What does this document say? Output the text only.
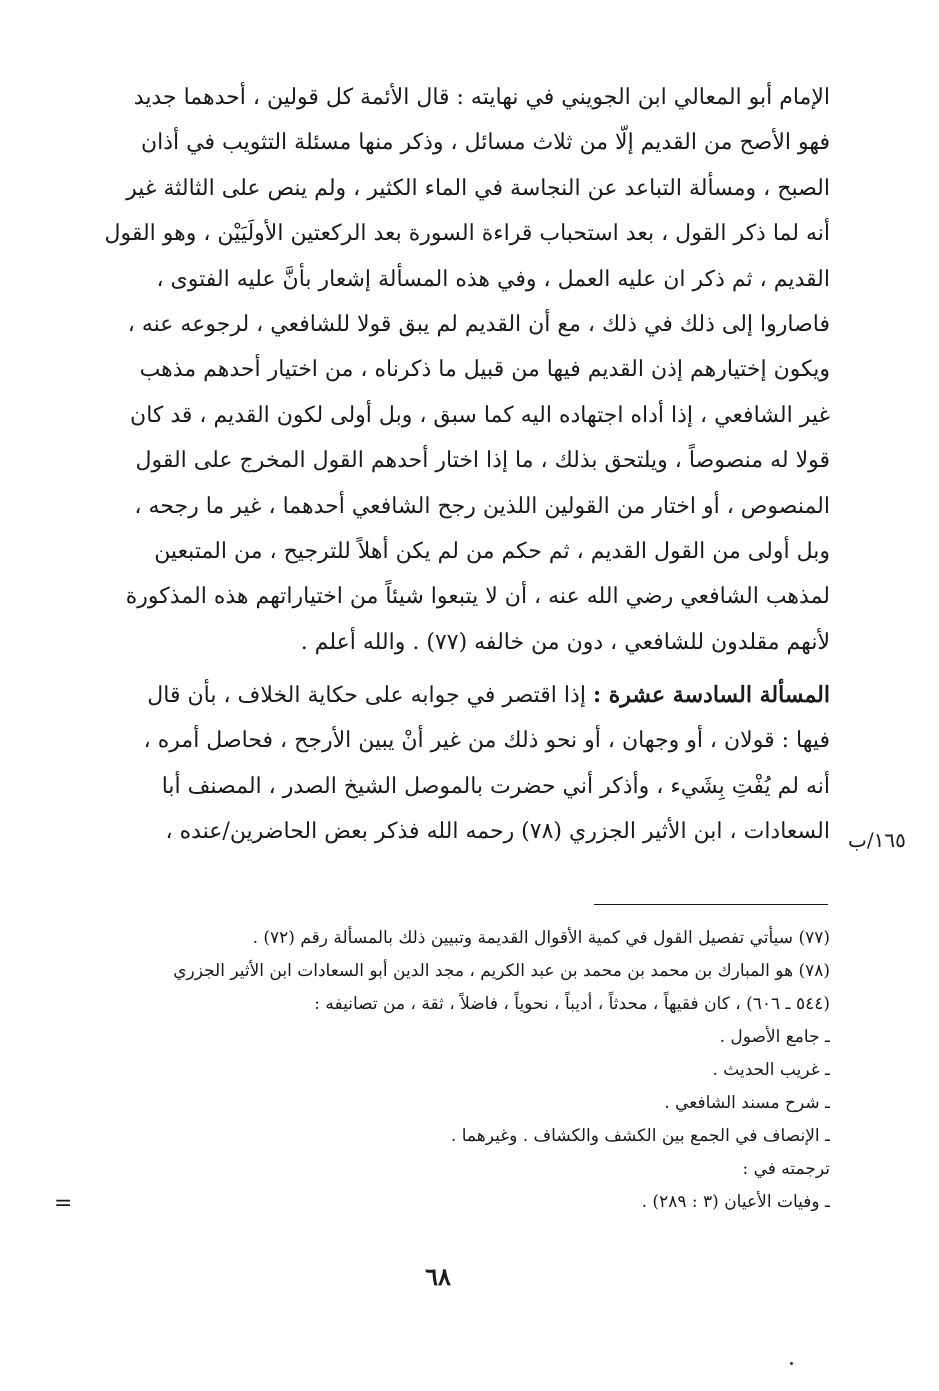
الإمام أبو المعالي ابن الجويني في نهايته : قال الأئمة كل قولين ، أحدهما جديد
فهو الأصح من القديم إلّا من ثلاث مسائل ، وذكر منها مسئلة التثويب في أذان
الصبح ، ومسألة التباعد عن النجاسة في الماء الكثير ، ولم ينص على الثالثة غير
أنه لما ذكر القول ، بعد استحباب قراءة السورة بعد الركعتين الأولَيَيْن ، وهو القول
القديم ، ثم ذكر ان عليه العمل ، وفي هذه المسألة إشعار بأنَّ عليه الفتوى ،
فاصاروا إلى ذلك في ذلك ، مع أن القديم لم يبق قولا للشافعي ، لرجوعه عنه ،
ويكون إختيارهم إذن القديم فيها من قبيل ما ذكرناه ، من اختيار أحدهم مذهب
غير الشافعي ، إذا أداه اجتهاده اليه كما سبق ، وبل أولى لكون القديم ، قد كان
قولا له منصوصاً ، ويلتحق بذلك ، ما إذا اختار أحدهم القول المخرج على القول
المنصوص ، أو اختار من القولين اللذين رجح الشافعي أحدهما ، غير ما رجحه ،
وبل أولى من القول القديم ، ثم حكم من لم يكن أهلاً للترجيح ، من المتبعين
لمذهب الشافعي رضي الله عنه ، أن لا يتبعوا شيئاً من اختياراتهم هذه المذكورة
لأنهم مقلدون للشافعي ، دون من خالفه (٧٧) . والله أعلم .
المسألة السادسة عشرة : إذا اقتصر في جوابه على حكاية الخلاف ، بأن قال
فيها : قولان ، أو وجهان ، أو نحو ذلك من غير أنْ يبين الأرجح ، فحاصل أمره ،
أنه لم يُفْتِ بِشَيء ، وأذكر أني حضرت بالموصل الشيخ الصدر ، المصنف أبا
السعادات ، ابن الأثير الجزري (٧٨) رحمه الله فذكر بعض الحاضرين/عنده ، ١٦٥/ب
(٧٧) سيأتي تفصيل القول في كمية الأقوال القديمة وتبيين ذلك بالمسألة رقم (٧٢) .
(٧٨) هو المبارك بن محمد بن محمد بن عبد الكريم ، مجد الدين أبو السعادات ابن الأثير الجزري
(٥٤٤ ـ ٦٠٦) ، كان فقيهاً ، محدثاً ، أديباً ، نحوياً ، فاضلاً ، ثقة ، من تصانيفه :
ـ جامع الأصول .
ـ غريب الحديث .
ـ شرح مسند الشافعي .
ـ الإنصاف في الجمع بين الكشف والكشاف . وغيرهما .
ترجمته في :
ـ وفيات الأعيان (٣ : ٢٨٩) .
=
٦٨
